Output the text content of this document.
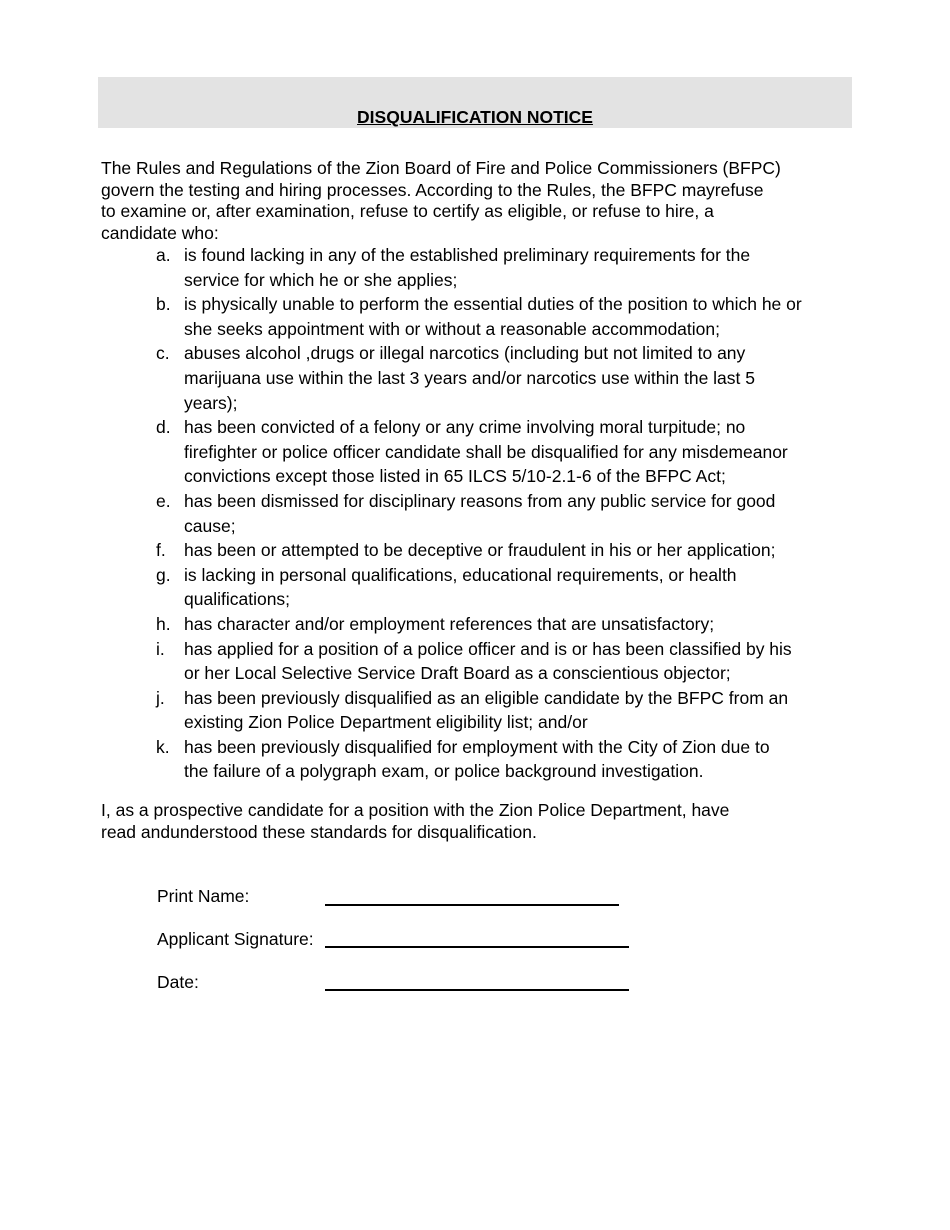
DISQUALIFICATION NOTICE

The Rules and Regulations of the Zion Board of Fire and Police Commissioners (BFPC)
govern the testing and hiring processes. According to the Rules, the BFPC mayrefuse
to examine or, after examination, refuse to certify as eligible, or refuse to hire, a
candidate who:

a. is found lacking in any of the established preliminary requirements for the
service for which he or she applies;
b. is physically unable to perform the essential duties of the position to which he or
she seeks appointment with or without a reasonable accommodation;
c. abuses alcohol ,drugs or illegal narcotics (including but not limited to any
marijuana use within the last 3 years and/or narcotics use within the last 5
years);
d. has been convicted of a felony or any crime involving moral turpitude; no
firefighter or police officer candidate shall be disqualified for any misdemeanor
convictions except those listed in 65 ILCS 5/10-2.1-6 of the BFPC Act;
e. has been dismissed for disciplinary reasons from any public service for good
cause;
f. has been or attempted to be deceptive or fraudulent in his or her application;
g. is lacking in personal qualifications, educational requirements, or health
qualifications;
h. has character and/or employment references that are unsatisfactory;
i. has applied for a position of a police officer and is or has been classified by his
or her Local Selective Service Draft Board as a conscientious objector;
j. has been previously disqualified as an eligible candidate by the BFPC from an
existing Zion Police Department eligibility list; and/or
k. has been previously disqualified for employment with the City of Zion due to
the failure of a polygraph exam, or police background investigation.

I, as a prospective candidate for a position with the Zion Police Department, have
read andunderstood these standards for disqualification.

Print Name:
Applicant Signature:
Date:
